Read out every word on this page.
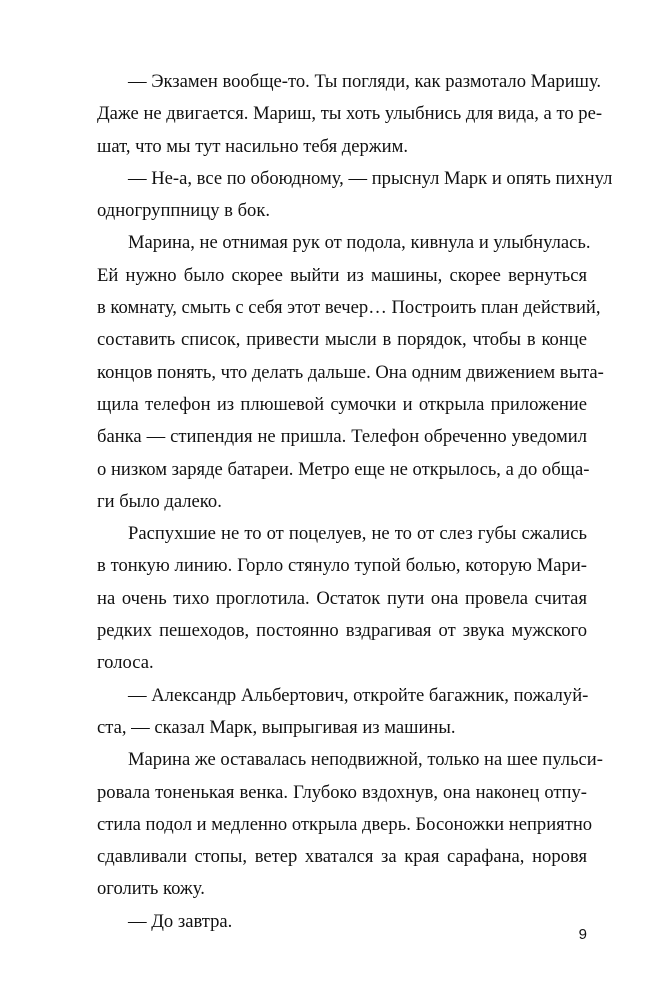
— Экзамен вообще-то. Ты погляди, как размотало Маришу.
Даже не двигается. Мариш, ты хоть улыбнись для вида, а то ре-
шат, что мы тут насильно тебя держим.
— Не-а, все по обоюдному, — прыснул Марк и опять пихнул
одногруппницу в бок.
Марина, не отнимая рук от подола, кивнула и улыбнулась.
Ей нужно было скорее выйти из машины, скорее вернуться
в комнату, смыть с себя этот вечер… Построить план действий,
составить список, привести мысли в порядок, чтобы в конце
концов понять, что делать дальше. Она одним движением выта-
щила телефон из плюшевой сумочки и открыла приложение
банка — стипендия не пришла. Телефон обреченно уведомил
о низком заряде батареи. Метро еще не открылось, а до обща-
ги было далеко.
Распухшие не то от поцелуев, не то от слез губы сжались
в тонкую линию. Горло стянуло тупой болью, которую Мари-
на очень тихо проглотила. Остаток пути она провела считая
редких пешеходов, постоянно вздрагивая от звука мужского
голоса.
— Александр Альбертович, откройте багажник, пожалуй-
ста, — сказал Марк, выпрыгивая из машины.
Марина же оставалась неподвижной, только на шее пульси-
ровала тоненькая венка. Глубоко вздохнув, она наконец отпу-
стила подол и медленно открыла дверь. Босоножки неприятно
сдавливали стопы, ветер хватался за края сарафана, норовя
оголить кожу.
— До завтра.
9
